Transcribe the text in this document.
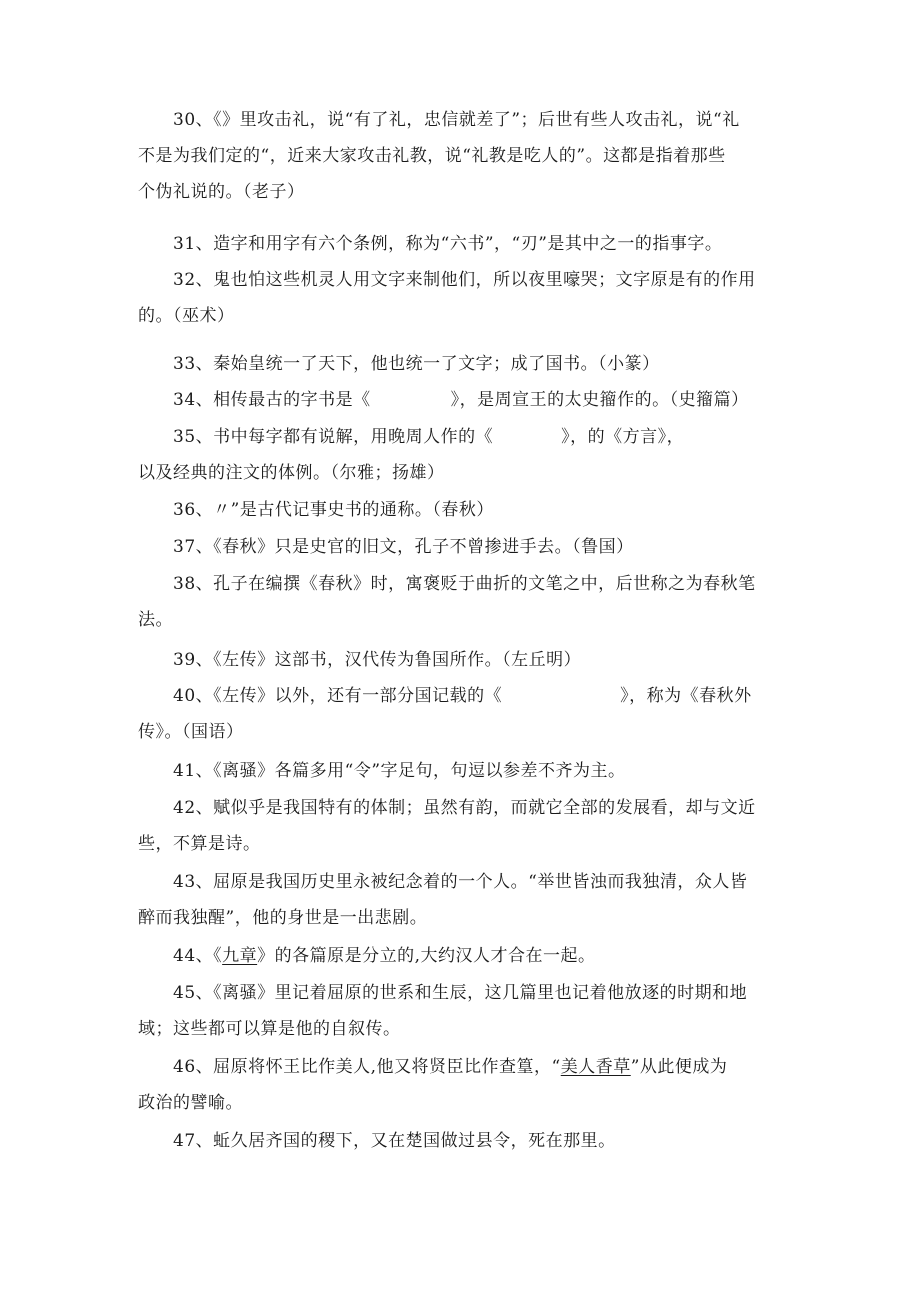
30、《》里攻击礼，说“有了礼，忠信就差了”；后世有些人攻击礼，说“礼
不是为我们定的“，近来大家攻击礼教，说“礼教是吃人的”。这都是指着那些
个伪礼说的。（老子）

31、造字和用字有六个条例，称为“六书”，“刃”是其中之一的指事字。

32、鬼也怕这些机灵人用文字来制他们，所以夜里嚎哭；文字原是有的作用
的。（巫术）

33、秦始皇统一了天下，他也统一了文字；成了国书。（小篆）

34、相传最古的字书是《	》，是周宣王的太史籀作的。（史籀篇）

35、书中每字都有说解，用晚周人作的《	》，的《方言》，
以及经典的注文的体例。（尔雅；扬雄）

36、〃”是古代记事史书的通称。（春秋）

37、《春秋》只是史官的旧文，孔子不曾掺进手去。（鲁国）

38、孔子在编撰《春秋》时，寓褒贬于曲折的文笔之中，后世称之为春秋笔
法。

39、《左传》这部书，汉代传为鲁国所作。（左丘明）

40、《左传》以外，还有一部分国记载的《	》，称为《春秋外
传》。（国语）

41、《离骚》各篇多用“令”字足句，句逗以参差不齐为主。

42、赋似乎是我国特有的体制；虽然有韵，而就它全部的发展看，却与文近
些，不算是诗。

43、屈原是我国历史里永被纪念着的一个人。“举世皆浊而我独清，众人皆
醉而我独醒”，他的身世是一出悲剧。

44、《九章》的各篇原是分立的,大约汉人才合在一起。

45、《离骚》里记着屈原的世系和生辰，这几篇里也记着他放逐的时期和地
域；这些都可以算是他的自叙传。

46、屈原将怀王比作美人,他又将贤臣比作查篁，“美人香草”从此便成为
政治的譬喻。

47、蚯久居齐国的稷下，又在楚国做过县令，死在那里。
